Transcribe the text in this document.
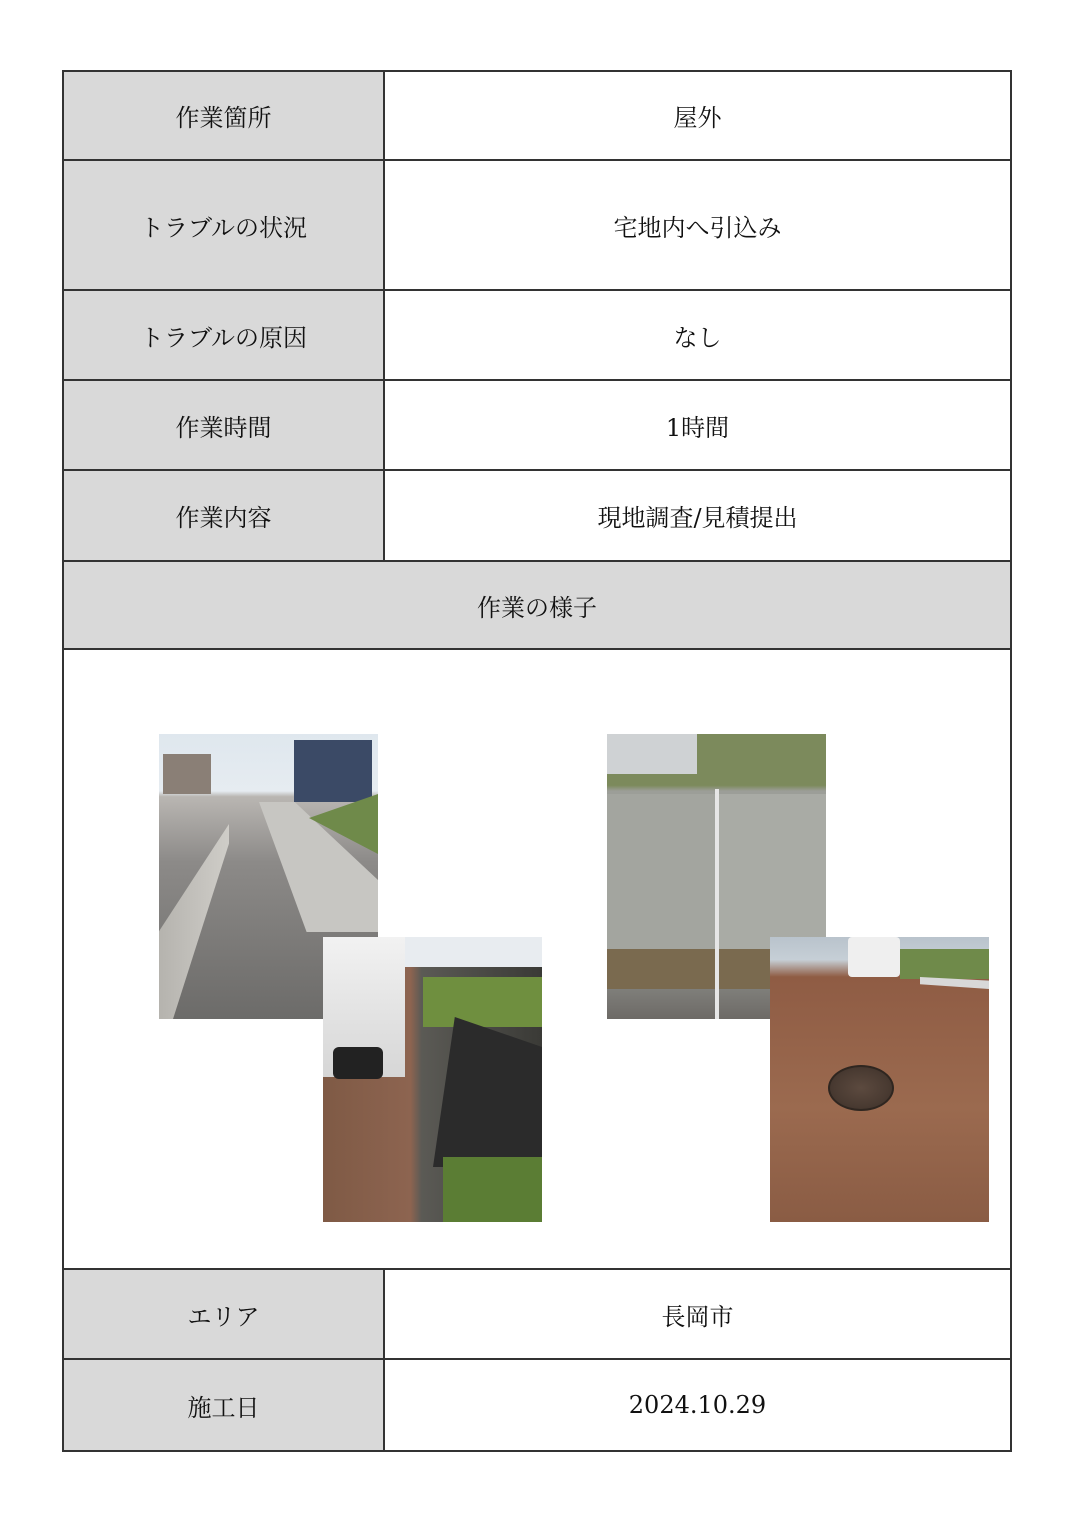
作業箇所	屋外
トラブルの状況	宅地内へ引込み
トラブルの原因	なし
作業時間	1時間
作業内容	現地調査/見積提出
作業の様子
エリア	長岡市
施工日	2024.10.29
